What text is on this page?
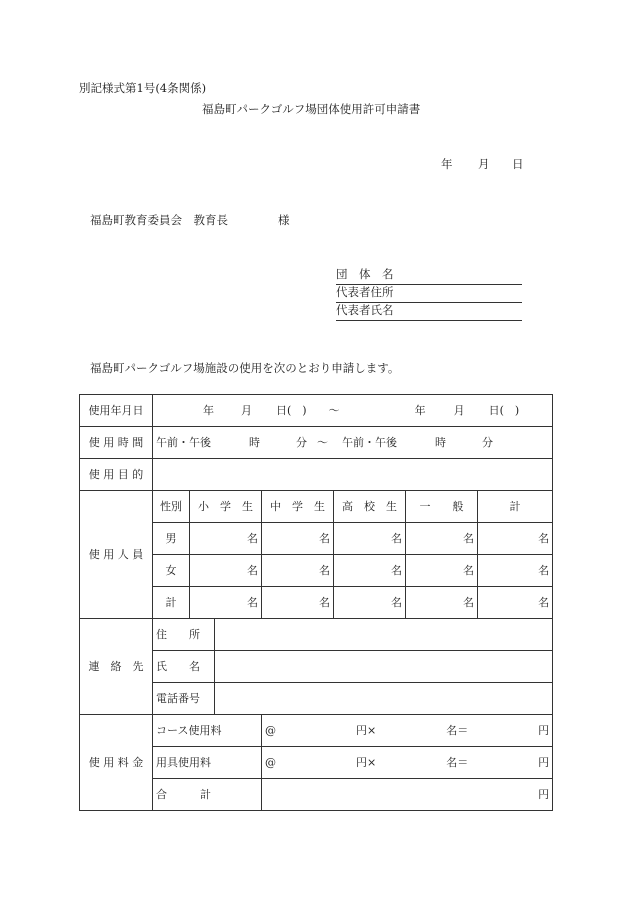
別記様式第1号(4条関係)
福島町パークゴルフ場団体使用許可申請書
年 月 日
福島町教育委員会　教育長	様
団　体　名
代表者住所
代表者氏名
福島町パークゴルフ場施設の使用を次のとおり申請します。
使用年月日	年 月 日(　) 〜 年 月 日(　)						
使 用 時 間	午前・午後 時 分 〜 午前・午後 時 分						
使 用 目 的							
使 用 人 員	性別	小　学　生		中　学　生	高　校　生	一　　般	計
	男	名		名	名	名	名
	女	名		名	名	名	名
	計	名		名	名	名	名
連　絡　先	住　　所						
	氏　　名						
	電話番号						
使 用 料 金	コース使用料			@ 円× 名＝ 円			

	用具使用料			@ 円× 名＝ 円			

	合　　　計			円			
